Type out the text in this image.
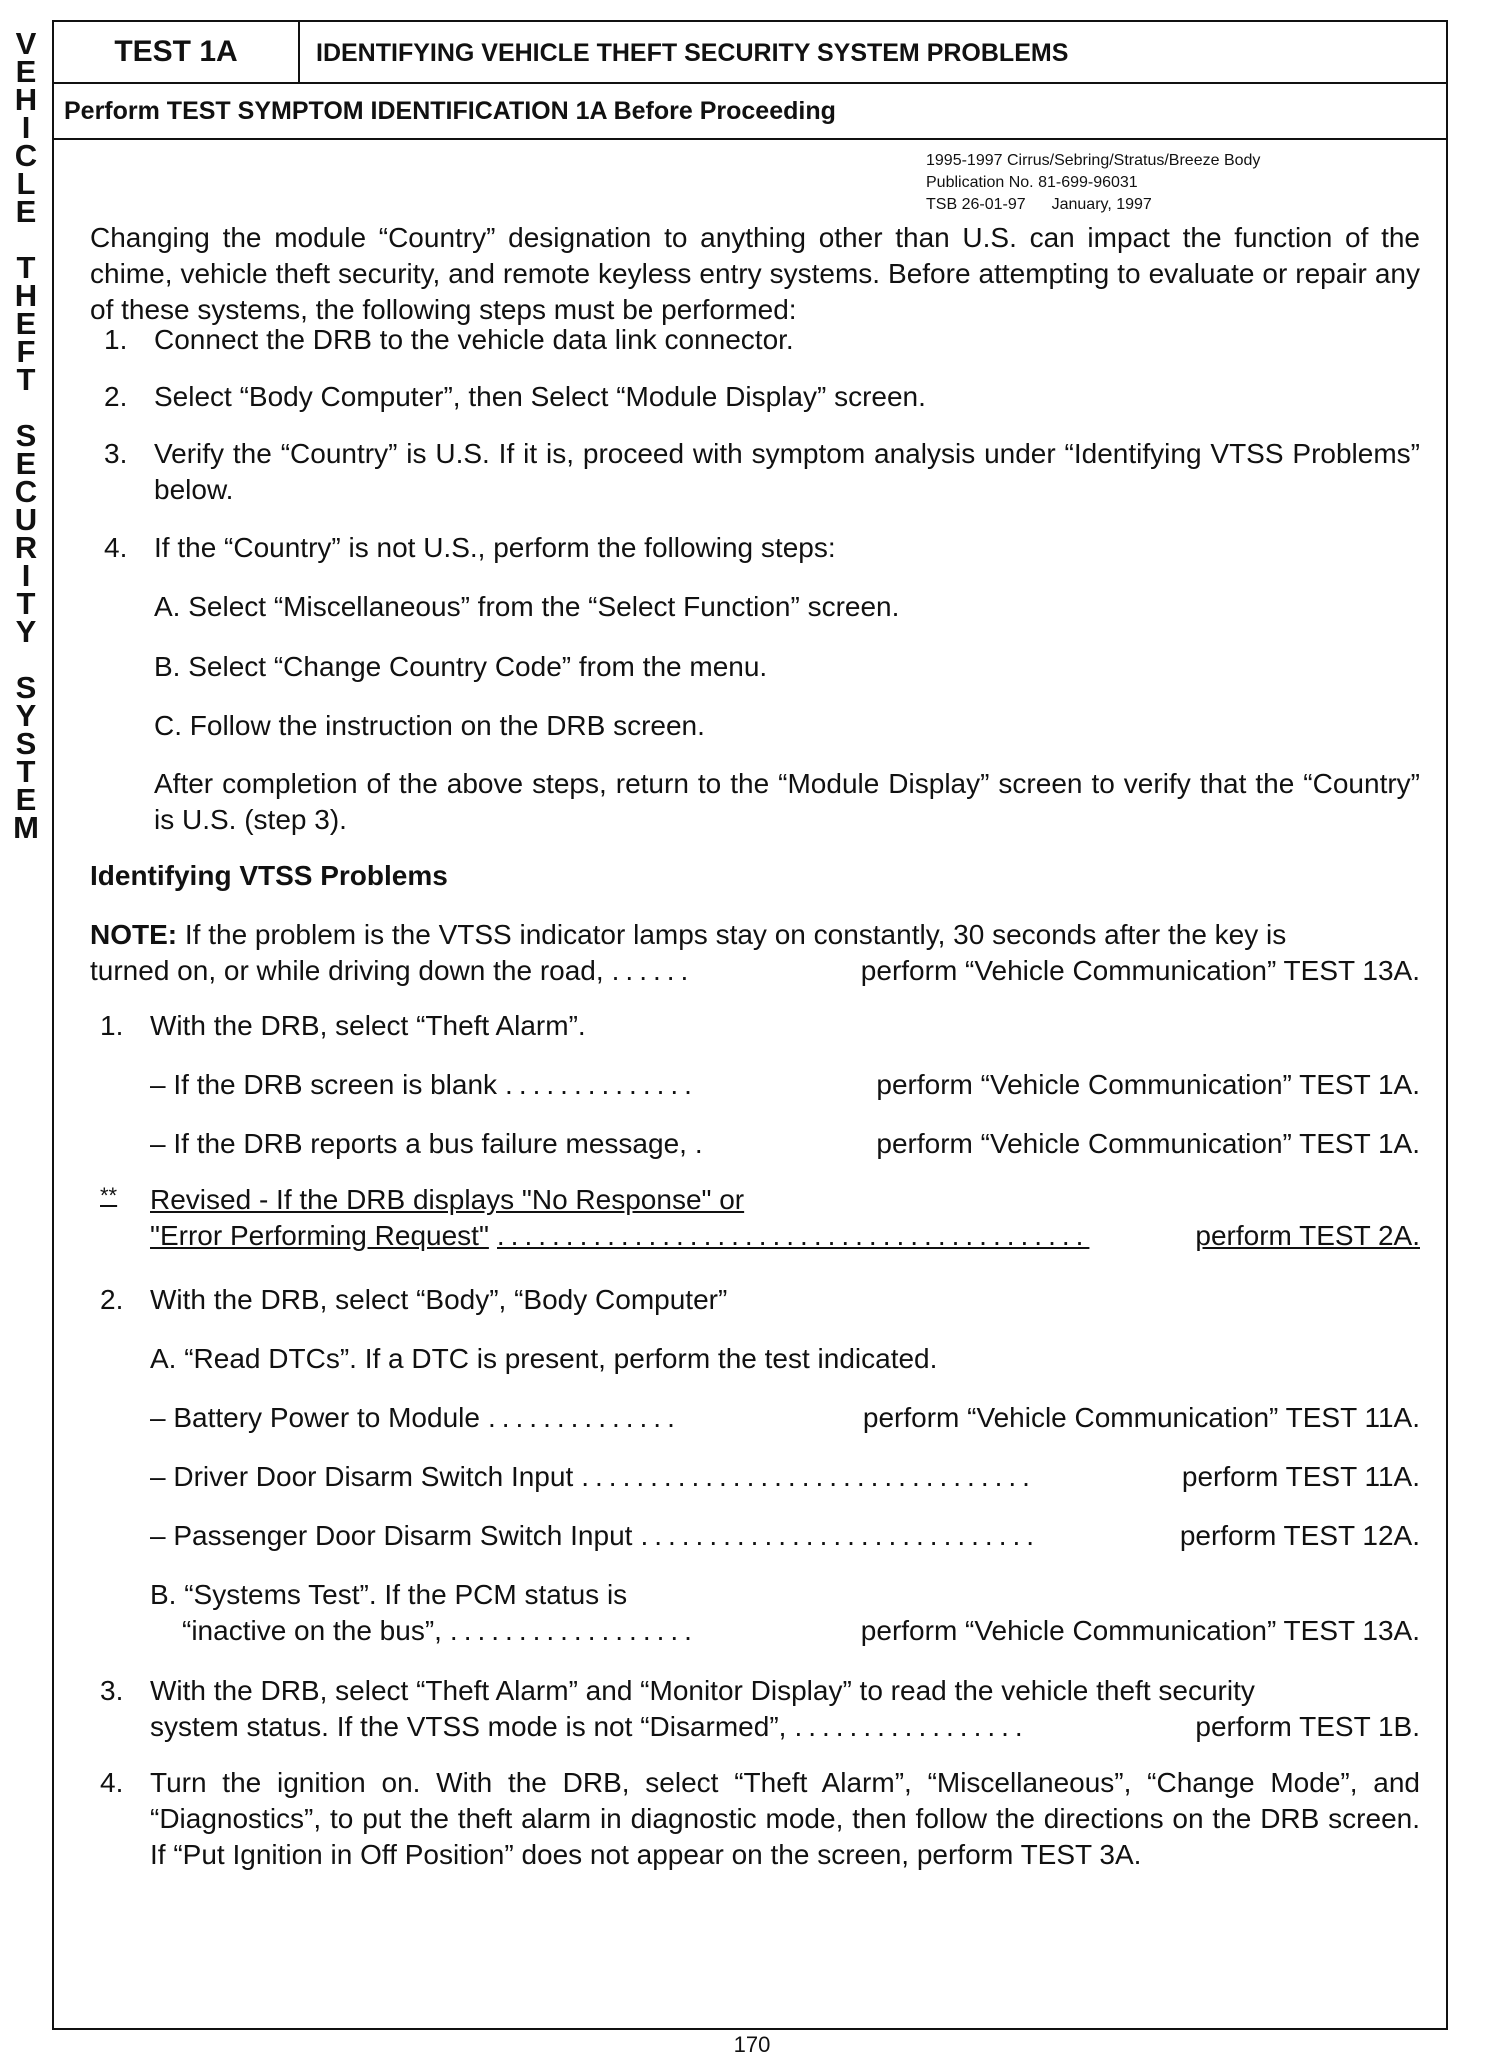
V
E
H
I
C
L
E
T
H
E
F
T
S
E
C
U
R
I
T
Y
S
Y
S
T
E
M
TEST 1A	IDENTIFYING VEHICLE THEFT SECURITY SYSTEM PROBLEMS
Perform TEST SYMPTOM IDENTIFICATION 1A Before Proceeding
1995-1997 Cirrus/Sebring/Stratus/Breeze Body
Publication No. 81-699-96031
TSB 26-01-97 January, 1997
Changing the module “Country” designation to anything other than U.S. can impact the function of the chime, vehicle theft security, and remote keyless entry systems. Before attempting to evaluate or repair any of these systems, the following steps must be performed:
1. Connect the DRB to the vehicle data link connector.
2. Select “Body Computer”, then Select “Module Display” screen.
3. Verify the “Country” is U.S. If it is, proceed with symptom analysis under “Identifying VTSS Problems” below.
4. If the “Country” is not U.S., perform the following steps:
A. Select “Miscellaneous” from the “Select Function” screen.
B. Select “Change Country Code” from the menu.
C. Follow the instruction on the DRB screen.
After completion of the above steps, return to the “Module Display” screen to verify that the “Country” is U.S. (step 3).
Identifying VTSS Problems
NOTE: If the problem is the VTSS indicator lamps stay on constantly, 30 seconds after the key is
turned on, or while driving down the road, ......	perform “Vehicle Communication” TEST 13A.
1. With the DRB, select “Theft Alarm”.
– If the DRB screen is blank ..............	perform “Vehicle Communication” TEST 1A.
– If the DRB reports a bus failure message, .	perform “Vehicle Communication” TEST 1A.
** Revised - If the DRB displays "No Response" or
"Error Performing Request" ...........................................	perform TEST 2A.
2. With the DRB, select “Body”, “Body Computer”
A. “Read DTCs”. If a DTC is present, perform the test indicated.
– Battery Power to Module ..............	perform “Vehicle Communication” TEST 11A.
– Driver Door Disarm Switch Input .................................	perform TEST 11A.
– Passenger Door Disarm Switch Input .............................	perform TEST 12A.
B. “Systems Test”. If the PCM status is
“inactive on the bus”, ..................	perform “Vehicle Communication” TEST 13A.
3. With the DRB, select “Theft Alarm” and “Monitor Display” to read the vehicle theft security
system status. If the VTSS mode is not “Disarmed”, .................	perform TEST 1B.
4. Turn the ignition on. With the DRB, select “Theft Alarm”, “Miscellaneous”, “Change Mode”, and “Diagnostics”, to put the theft alarm in diagnostic mode, then follow the directions on the DRB screen. If “Put Ignition in Off Position” does not appear on the screen, perform TEST 3A.
170
